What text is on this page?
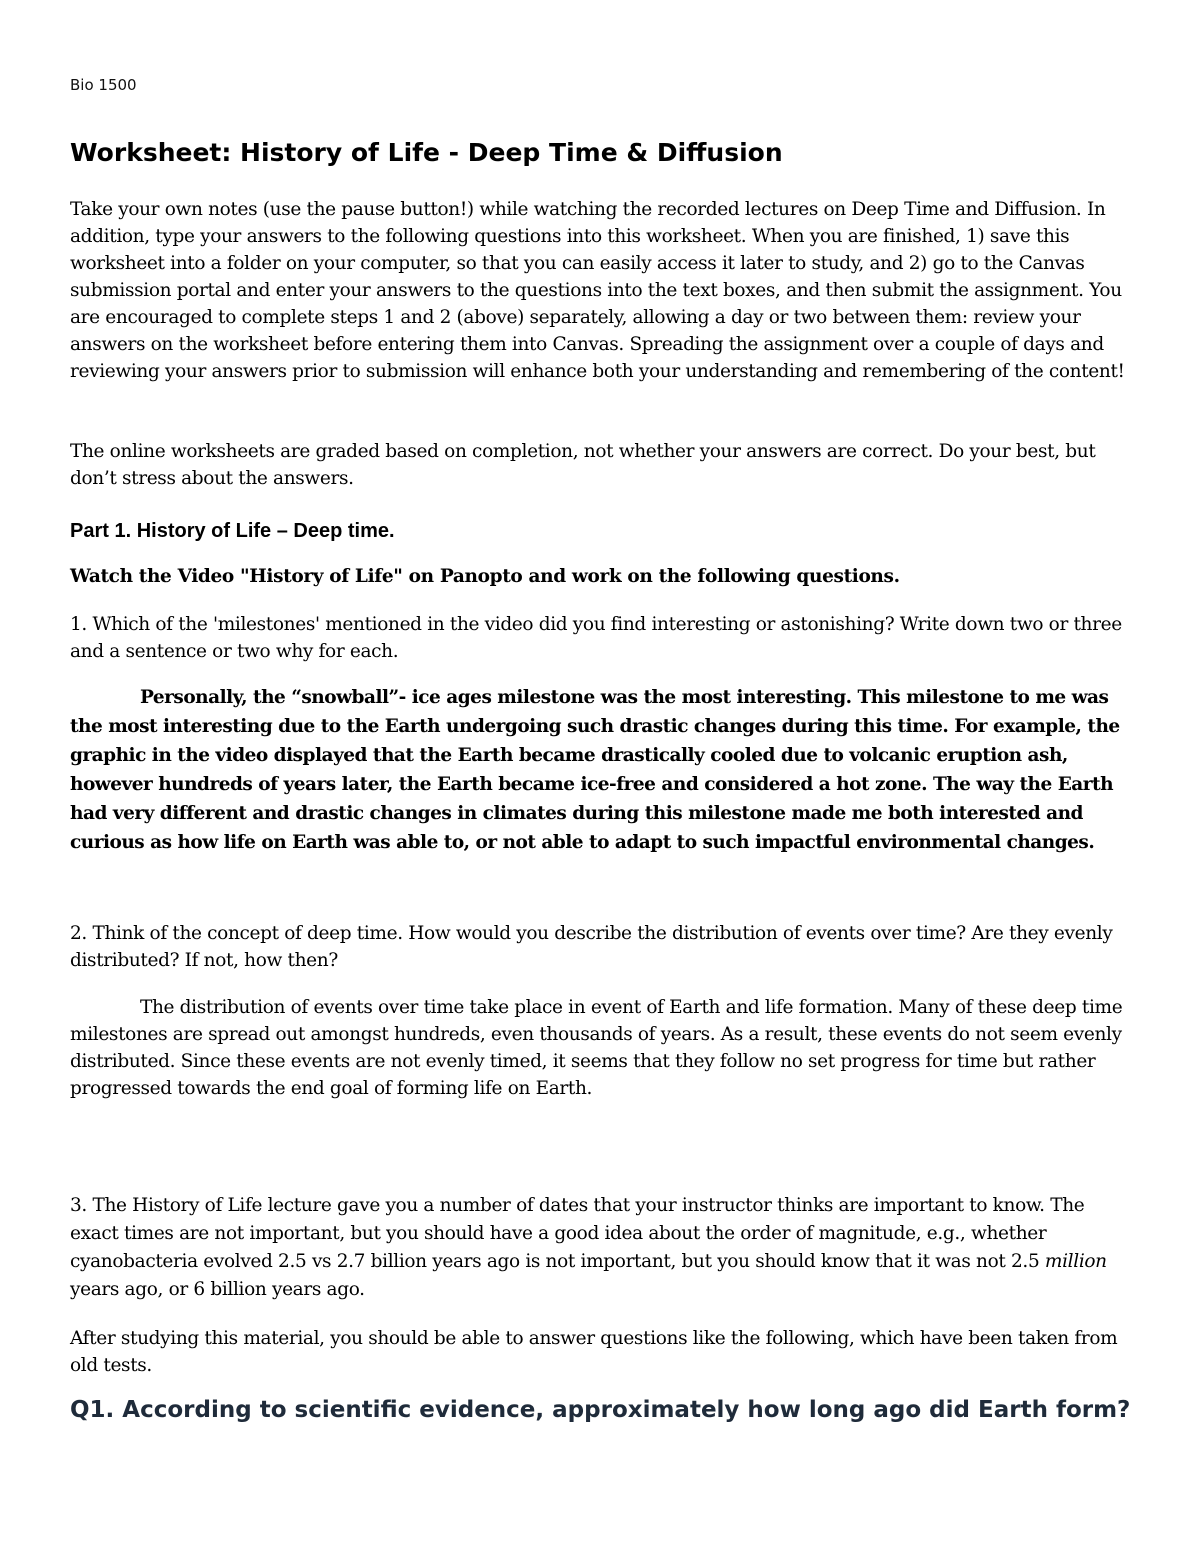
Bio 1500
Worksheet: History of Life - Deep Time & Diffusion

Take your own notes (use the pause button!) while watching the recorded lectures on Deep Time and Diffusion. In addition, type your answers to the following questions into this worksheet. When you are finished, 1) save this worksheet into a folder on your computer, so that you can easily access it later to study, and 2) go to the Canvas submission portal and enter your answers to the questions into the text boxes, and then submit the assignment. You are encouraged to complete steps 1 and 2 (above) separately, allowing a day or two between them: review your answers on the worksheet before entering them into Canvas. Spreading the assignment over a couple of days and reviewing your answers prior to submission will enhance both your understanding and remembering of the content!

The online worksheets are graded based on completion, not whether your answers are correct. Do your best, but don’t stress about the answers.

Part 1. History of Life – Deep time.

Watch the Video "History of Life" on Panopto and work on the following questions.

1. Which of the 'milestones' mentioned in the video did you find interesting or astonishing? Write down two or three and a sentence or two why for each.

Personally, the “snowball”- ice ages milestone was the most interesting. This milestone to me was the most interesting due to the Earth undergoing such drastic changes during this time. For example, the graphic in the video displayed that the Earth became drastically cooled due to volcanic eruption ash, however hundreds of years later, the Earth became ice-free and considered a hot zone. The way the Earth had very different and drastic changes in climates during this milestone made me both interested and curious as how life on Earth was able to, or not able to adapt to such impactful environmental changes.

2. Think of the concept of deep time. How would you describe the distribution of events over time? Are they evenly distributed? If not, how then?

The distribution of events over time take place in event of Earth and life formation. Many of these deep time milestones are spread out amongst hundreds, even thousands of years. As a result, these events do not seem evenly distributed. Since these events are not evenly timed, it seems that they follow no set progress for time but rather progressed towards the end goal of forming life on Earth.

3. The History of Life lecture gave you a number of dates that your instructor thinks are important to know. The exact times are not important, but you should have a good idea about the order of magnitude, e.g., whether cyanobacteria evolved 2.5 vs 2.7 billion years ago is not important, but you should know that it was not 2.5 million years ago, or 6 billion years ago.

After studying this material, you should be able to answer questions like the following, which have been taken from old tests.

Q1. According to scientific evidence, approximately how long ago did Earth form?
